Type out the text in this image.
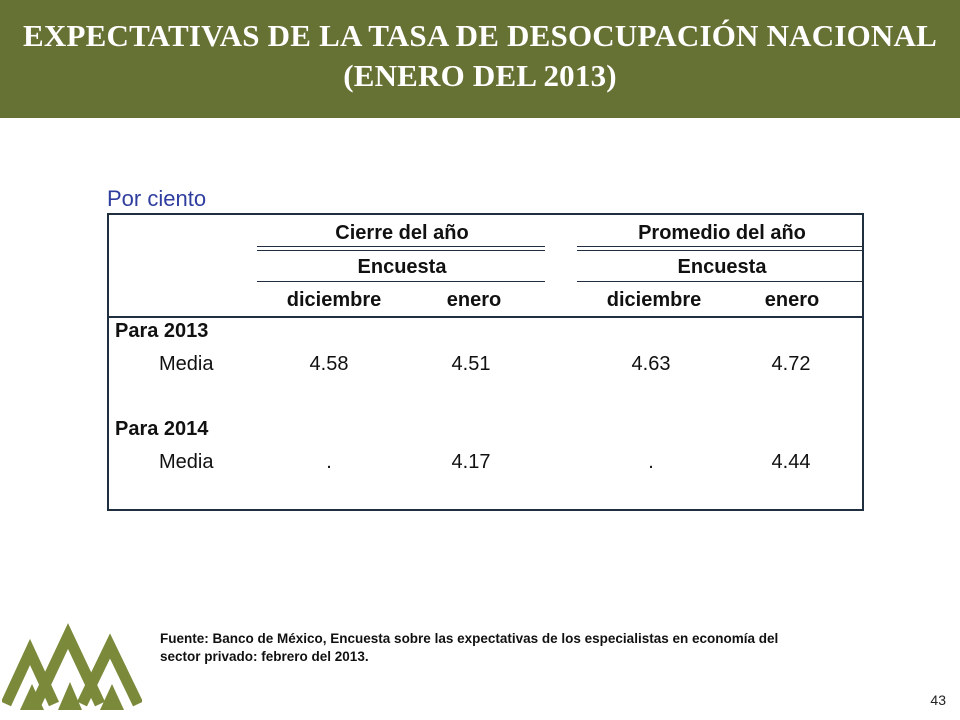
EXPECTATIVAS DE LA TASA DE DESOCUPACIÓN NACIONAL
(ENERO DEL 2013)
Por ciento
Cierre del año	Promedio del año
Encuesta	Encuesta
diciembre	enero	diciembre	enero
Para 2013
Media	4.58	4.51	4.63	4.72
Para 2014
Media	.	4.17	.	4.44
Fuente: Banco de México, Encuesta sobre las expectativas de los especialistas en economía del sector privado: febrero del 2013.
43
